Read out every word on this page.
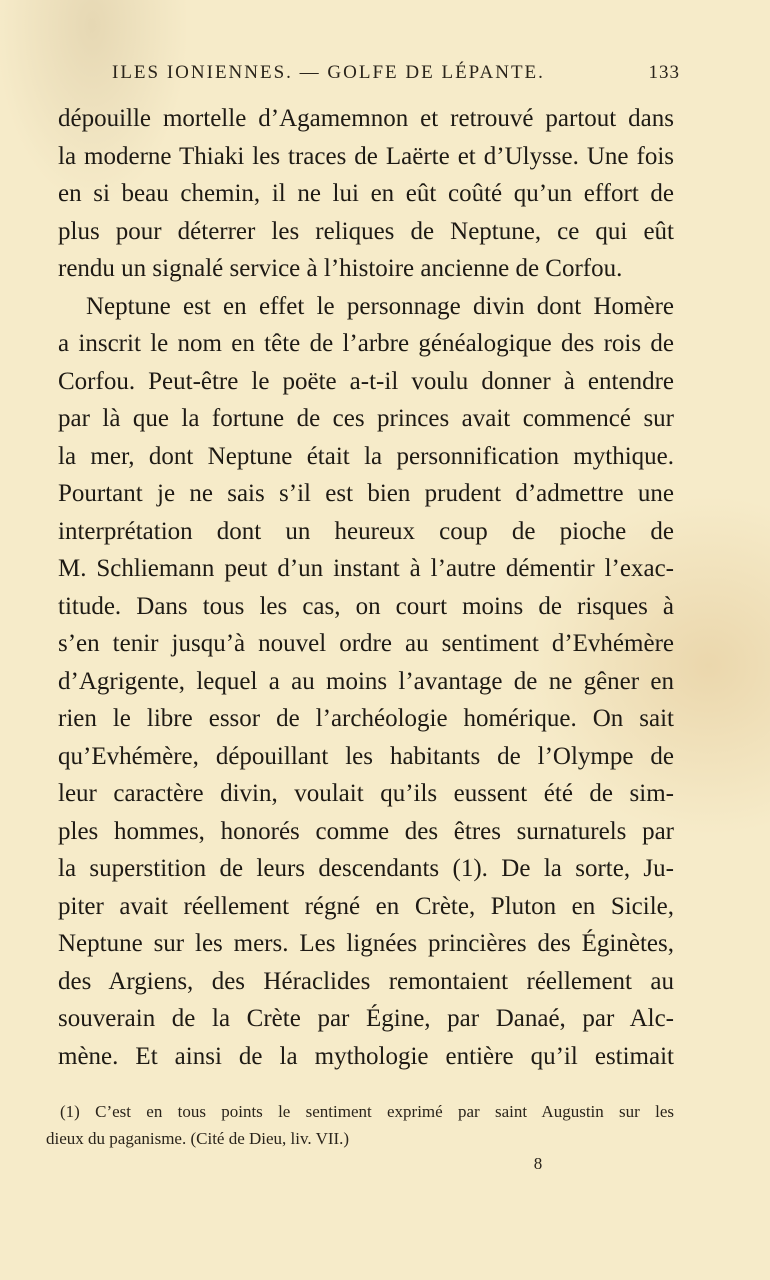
ILES IONIENNES. — GOLFE DE LÉPANTE.	133
dépouille mortelle d’Agamemnon et retrouvé partout dans
la moderne Thiaki les traces de Laërte et d’Ulysse. Une fois
en si beau chemin, il ne lui en eût coûté qu’un effort de
plus pour déterrer les reliques de Neptune, ce qui eût
rendu un signalé service à l’histoire ancienne de Corfou.
Neptune est en effet le personnage divin dont Homère
a inscrit le nom en tête de l’arbre généalogique des rois de
Corfou. Peut-être le poëte a-t-il voulu donner à entendre
par là que la fortune de ces princes avait commencé sur
la mer, dont Neptune était la personnification mythique.
Pourtant je ne sais s’il est bien prudent d’admettre une
interprétation dont un heureux coup de pioche de
M. Schliemann peut d’un instant à l’autre démentir l’exac-
titude. Dans tous les cas, on court moins de risques à
s’en tenir jusqu’à nouvel ordre au sentiment d’Evhémère
d’Agrigente, lequel a au moins l’avantage de ne gêner en
rien le libre essor de l’archéologie homérique. On sait
qu’Evhémère, dépouillant les habitants de l’Olympe de
leur caractère divin, voulait qu’ils eussent été de sim-
ples hommes, honorés comme des êtres surnaturels par
la superstition de leurs descendants (1). De la sorte, Ju-
piter avait réellement régné en Crète, Pluton en Sicile,
Neptune sur les mers. Les lignées princières des Éginètes,
des Argiens, des Héraclides remontaient réellement au
souverain de la Crète par Égine, par Danaé, par Alc-
mène. Et ainsi de la mythologie entière qu’il estimait
(1) C’est en tous points le sentiment exprimé par saint Augustin sur les
dieux du paganisme. (Cité de Dieu, liv. VII.)
8
